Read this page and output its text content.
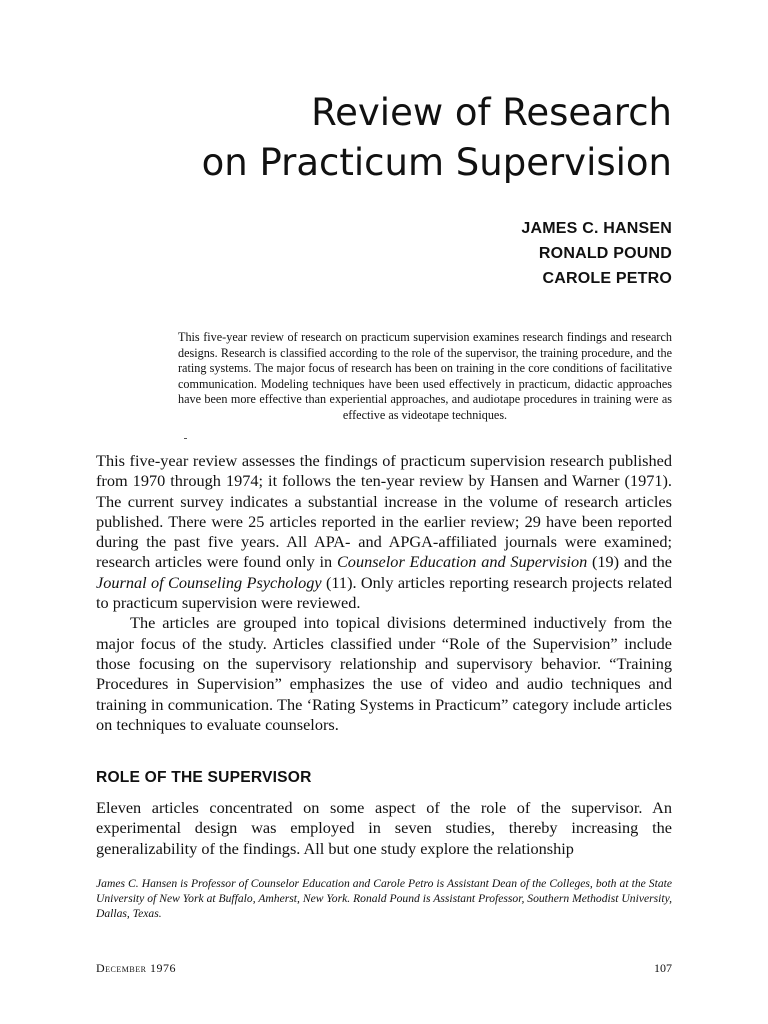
Review of Research
on Practicum Supervision
JAMES C. HANSEN
RONALD POUND
CAROLE PETRO

This five-year review of research on practicum supervision examines research findings and research designs. Research is classified according to the role of the supervisor, the training procedure, and the rating systems. The major focus of research has been on training in the core conditions of facilitative communication. Modeling techniques have been used effectively in practicum, didactic approaches have been more effective than experiential approaches, and audiotape procedures in training were as effective as videotape techniques.

This five-year review assesses the findings of practicum supervision research published from 1970 through 1974; it follows the ten-year review by Hansen and Warner (1971). The current survey indicates a substantial increase in the volume of research articles published. There were 25 articles reported in the earlier review; 29 have been reported during the past five years. All APA- and APGA-affiliated journals were examined; research articles were found only in Counselor Education and Supervision (19) and the Journal of Counseling Psychology (11). Only articles reporting research projects related to practicum supervision were reviewed.
The articles are grouped into topical divisions determined inductively from the major focus of the study. Articles classified under “Role of the Supervision” include those focusing on the supervisory relationship and supervisory behavior. “Training Procedures in Supervision” emphasizes the use of video and audio techniques and training in communication. The ‘Rating Systems in Practicum” category include articles on techniques to evaluate counselors.
ROLE OF THE SUPERVISOR

Eleven articles concentrated on some aspect of the role of the supervisor. An experimental design was employed in seven studies, thereby increasing the generalizability of the findings. All but one study explore the relationship

James C. Hansen is Professor of Counselor Education and Carole Petro is Assistant Dean of the Colleges, both at the State University of New York at Buffalo, Amherst, New York. Ronald Pound is Assistant Professor, Southern Methodist University, Dallas, Texas.

December 1976	107
